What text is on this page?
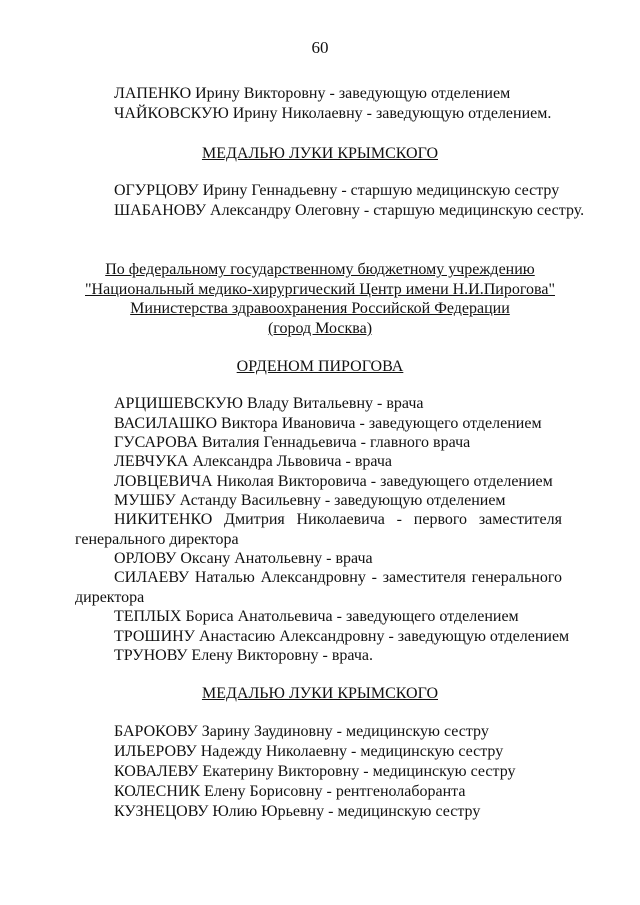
60
ЛАПЕНКО Ирину Викторовну - заведующую отделением
ЧАЙКОВСКУЮ Ирину Николаевну - заведующую отделением.
МЕДАЛЬЮ ЛУКИ КРЫМСКОГО
ОГУРЦОВУ Ирину Геннадьевну - старшую медицинскую сестру
ШАБАНОВУ Александру Олеговну - старшую медицинскую сестру.
По федеральному государственному бюджетному учреждению
"Национальный медико-хирургический Центр имени Н.И.Пирогова"
Министерства здравоохранения Российской Федерации
(город Москва)
ОРДЕНОМ ПИРОГОВА
АРЦИШЕВСКУЮ Владу Витальевну - врача
ВАСИЛАШКО Виктора Ивановича - заведующего отделением
ГУСАРОВА Виталия Геннадьевича - главного врача
ЛЕВЧУКА Александра Львовича - врача
ЛОВЦЕВИЧА Николая Викторовича - заведующего отделением
МУШБУ Астанду Васильевну - заведующую отделением
НИКИТЕНКО Дмитрия Николаевича - первого заместителя генерального директора
ОРЛОВУ Оксану Анатольевну - врача
СИЛАЕВУ Наталью Александровну - заместителя генерального директора
ТЕПЛЫХ Бориса Анатольевича - заведующего отделением
ТРОШИНУ Анастасию Александровну - заведующую отделением
ТРУНОВУ Елену Викторовну - врача.
МЕДАЛЬЮ ЛУКИ КРЫМСКОГО
БАРОКОВУ Зарину Заудиновну - медицинскую сестру
ИЛЬЕРОВУ Надежду Николаевну - медицинскую сестру
КОВАЛЕВУ Екатерину Викторовну - медицинскую сестру
КОЛЕСНИК Елену Борисовну - рентгенолаборанта
КУЗНЕЦОВУ Юлию Юрьевну - медицинскую сестру
